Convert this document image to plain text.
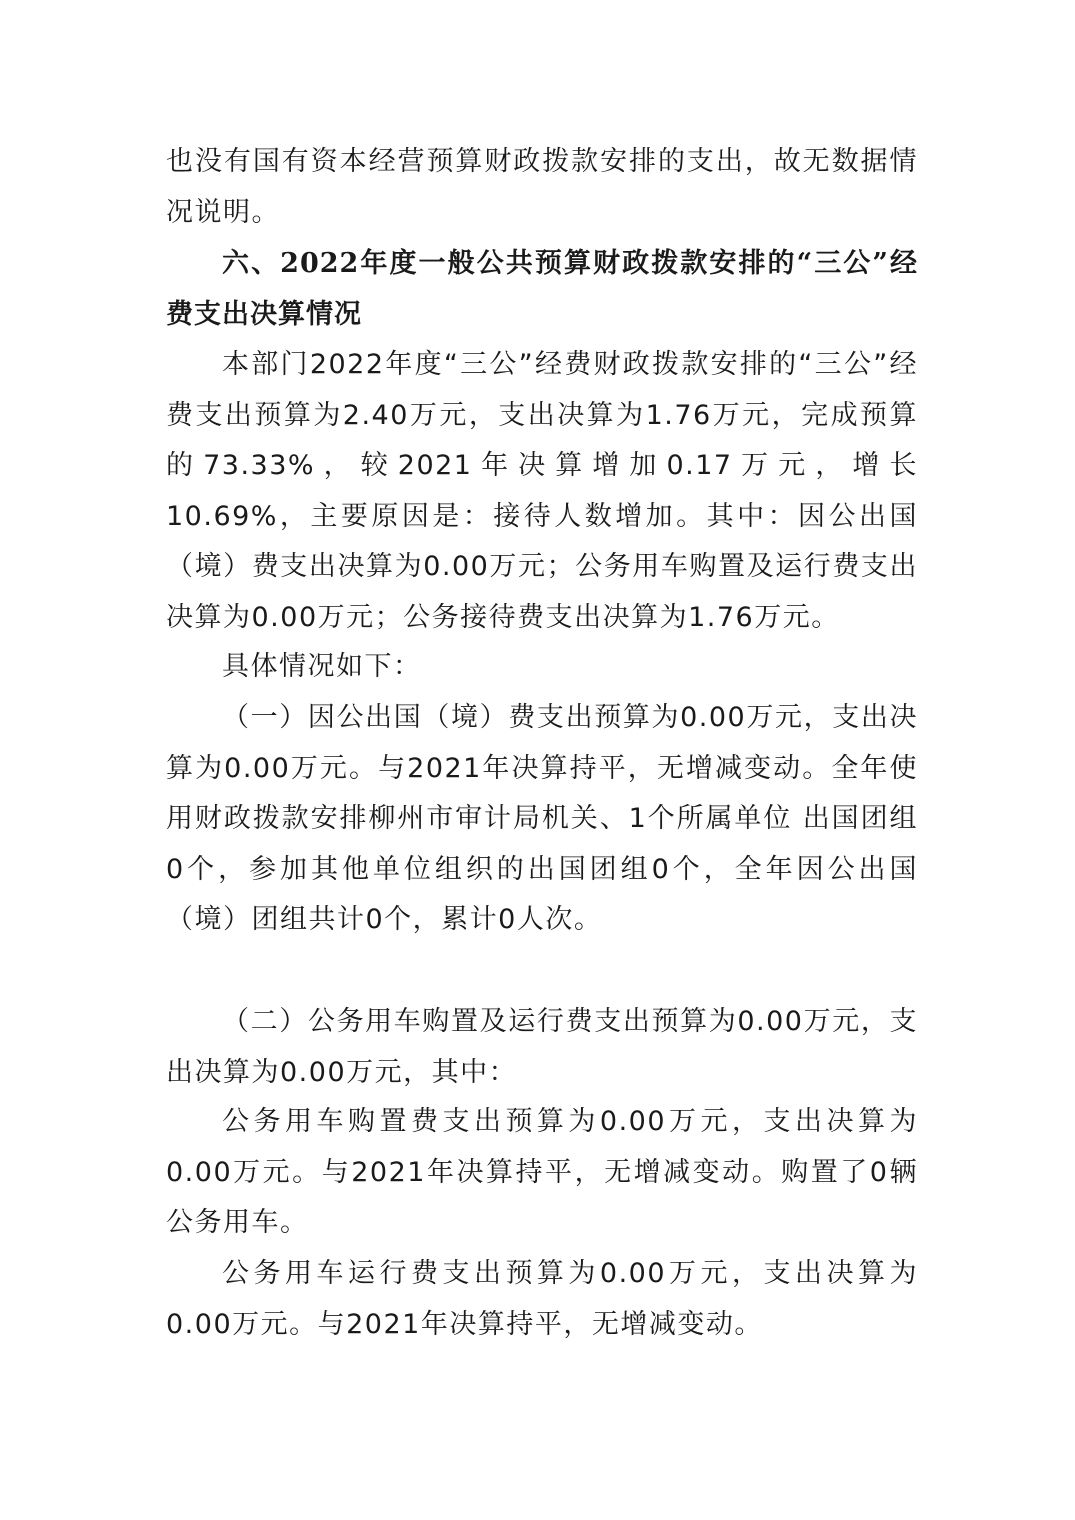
也没有国有资本经营预算财政拨款安排的支出，故无数据情况说明。

六、2022年度一般公共预算财政拨款安排的“三公”经费支出决算情况

本部门2022年度“三公”经费财政拨款安排的“三公”经费支出预算为2.40万元，支出决算为1.76万元，完成预算的73.33%，较2021年决算增加0.17万元，增长10.69%，主要原因是：接待人数增加。其中：因公出国（境）费支出决算为0.00万元；公务用车购置及运行费支出决算为0.00万元；公务接待费支出决算为1.76万元。

具体情况如下：

（一）因公出国（境）费支出预算为0.00万元，支出决算为0.00万元。与2021年决算持平，无增减变动。全年使用财政拨款安排柳州市审计局机关、1个所属单位 出国团组0个，参加其他单位组织的出国团组0个，全年因公出国（境）团组共计0个，累计0人次。

（二）公务用车购置及运行费支出预算为0.00万元，支出决算为0.00万元，其中：

公务用车购置费支出预算为0.00万元，支出决算为0.00万元。与2021年决算持平，无增减变动。购置了0辆公务用车。

公务用车运行费支出预算为0.00万元，支出决算为0.00万元。与2021年决算持平，无增减变动。
